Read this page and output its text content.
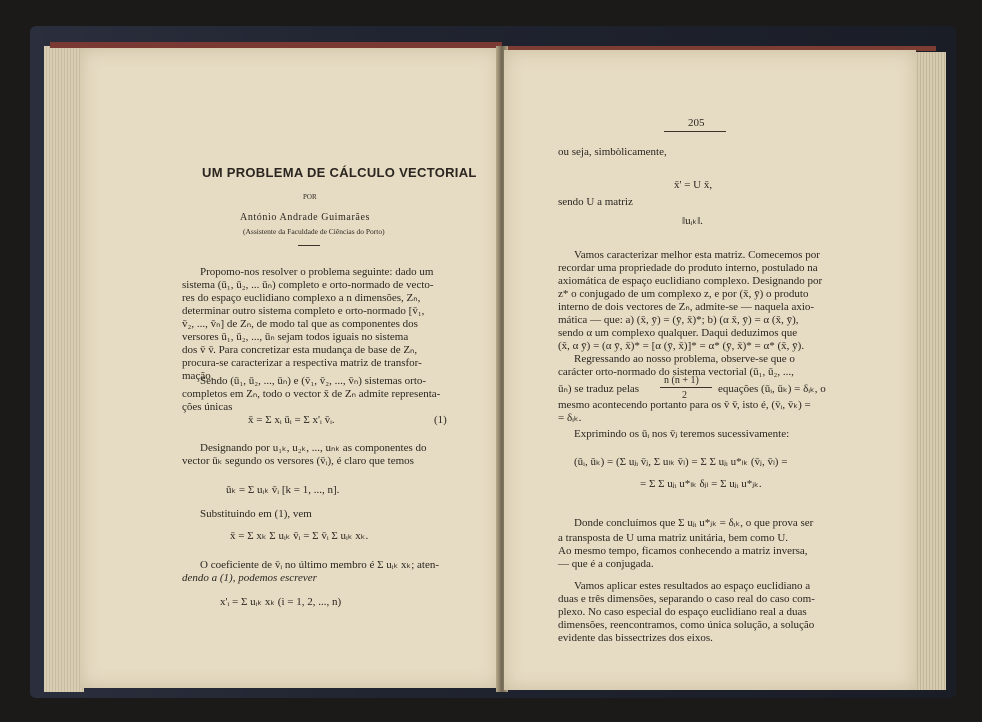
UM PROBLEMA DE CÁLCULO VECTORIAL
POR
António Andrade Guimarães
(Assistente da Faculdade de Ciências do Porto)
Propomo-nos resolver o problema seguinte: dado um
sistema (ū₁, ū₂, ... ūₙ) completo e orto-normado de vecto-
res do espaço euclidiano complexo a n dimensões, Zₙ,
determinar outro sistema completo e orto-normado [v̄₁,
v̄₂, ..., v̄ₙ] de Zₙ, de modo tal que as componentes dos
versores ū₁, ū₂, ..., ūₙ sejam todos iguais no sistema
dos v̄ v̄. Para concretizar esta mudança de base de Zₙ,
procura-se caracterizar a respectiva matriz de transfor-
mação.
Sendo (ū₁, ū₂, ..., ūₙ) e (v̄₁, v̄₂, ..., v̄ₙ) sistemas orto-
completos em Zₙ, todo o vector x̄ de Zₙ admite representa-
ções únicas
x̄ = Σ xᵢ ūᵢ = Σ x'ᵢ v̄ᵢ.	(1)
Designando por u₁ₖ, u₂ₖ, ..., uₙₖ as componentes do
vector ūₖ segundo os versores (v̄ᵢ), é claro que temos
ūₖ = Σ uᵢₖ v̄ᵢ [k = 1, ..., n].
Substituindo em (1), vem
x̄ = Σ xₖ Σ uᵢₖ v̄ᵢ = Σ v̄ᵢ Σ uᵢₖ xₖ.
O coeficiente de v̄ᵢ no último membro é Σ uᵢₖ xₖ; aten-
dendo a (1), podemos escrever
x'ᵢ = Σ uᵢₖ xₖ (i = 1, 2, ..., n)
205
ou seja, simbòlicamente,
x̄' = U x̄,
sendo U a matriz
‖uᵢₖ‖.
Vamos caracterizar melhor esta matriz. Comecemos por
recordar uma propriedade do produto interno, postulado na
axiomática de espaço euclidiano complexo. Designando por
z* o conjugado de um complexo z, e por (x̄, ȳ) o produto
interno de dois vectores de Zₙ, admite-se — naquela axio-
mática — que: a) (x̄, ȳ) = (ȳ, x̄)*; b) (α x̄, ȳ) = α (x̄, ȳ),
sendo α um complexo qualquer. Daqui deduzimos que
(x̄, α ȳ) = (α ȳ, x̄)* = [α (ȳ, x̄)]* = α* (ȳ, x̄)* = α* (x̄, ȳ).
Regressando ao nosso problema, observe-se que o
carácter orto-normado do sistema vectorial (ū₁, ū₂, ...,
ūₙ) se traduz pelas
n (n + 1)
2
equações (ūᵢ, ūₖ) = δᵢₖ, o
mesmo acontecendo portanto para os v̄ v̄, isto é, (v̄ᵢ, v̄ₖ) =
= δᵢₖ.
Exprimindo os ūᵢ nos v̄ⱼ teremos sucessivamente:
(ūᵢ, ūₖ) = (Σ uⱼᵢ v̄ⱼ, Σ uₗₖ v̄ₗ) = Σ Σ uⱼᵢ u*ₗₖ (v̄ⱼ, v̄ₗ) =
= Σ Σ uⱼᵢ u*ₗₖ δⱼₗ = Σ uⱼᵢ u*ⱼₖ.
Donde concluímos que Σ uⱼᵢ u*ⱼₖ = δᵢₖ, o que prova ser
a transposta de U uma matriz unitária, bem como U.
Ao mesmo tempo, ficamos conhecendo a matriz inversa,
— que é a conjugada.
Vamos aplicar estes resultados ao espaço euclidiano a
duas e três dimensões, separando o caso real do caso com-
plexo. No caso especial do espaço euclidiano real a duas
dimensões, reencontramos, como única solução, a solução
evidente das bissectrizes dos eixos.
